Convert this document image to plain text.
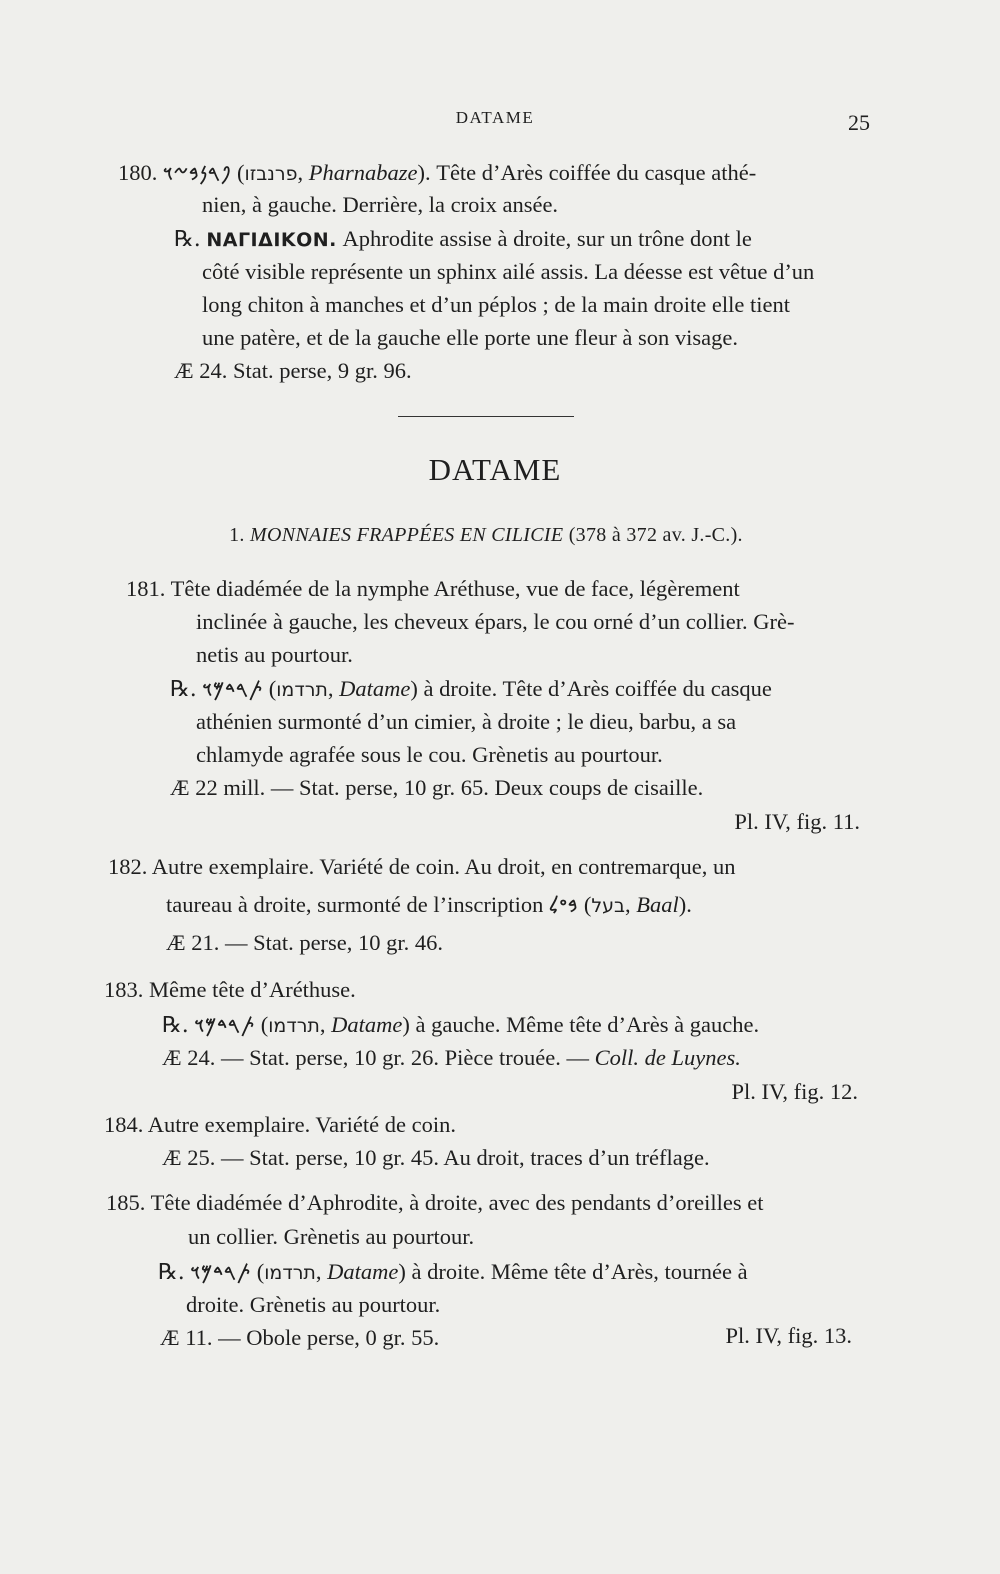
DATAME	25
180. 𐤐𐤓𐤍𐤁𐤆𐤅 (פרנבזו, Pharnabaze). Tête d’Arès coiffée du casque athé-
nien, à gauche. Derrière, la croix ansée.
℞. ΝΑΓΙΔΙΚΟΝ. Aphrodite assise à droite, sur un trône dont le
côté visible représente un sphinx ailé assis. La déesse est vêtue d’un
long chiton à manches et d’un péplos ; de la main droite elle tient
une patère, et de la gauche elle porte une fleur à son visage.
Æ 24. Stat. perse, 9 gr. 96.
DATAME
1. MONNAIES FRAPPÉES EN CILICIE (378 à 372 av. J.-C.).
181. Tête diadémée de la nymphe Aréthuse, vue de face, légèrement
inclinée à gauche, les cheveux épars, le cou orné d’un collier. Grè-
netis au pourtour.
℞. 𐤕𐤓𐤃𐤌𐤅 (תרדמו, Datame) à droite. Tête d’Arès coiffée du casque
athénien surmonté d’un cimier, à droite ; le dieu, barbu, a sa
chlamyde agrafée sous le cou. Grènetis au pourtour.
Æ 22 mill. — Stat. perse, 10 gr. 65. Deux coups de cisaille.
Pl. IV, fig. 11.
182. Autre exemplaire. Variété de coin. Au droit, en contremarque, un
taureau à droite, surmonté de l’inscription 𐤁𐤏𐤋 (בעל, Baal).
Æ 21. — Stat. perse, 10 gr. 46.
183. Même tête d’Aréthuse.
℞. 𐤕𐤓𐤃𐤌𐤅 (תרדמו, Datame) à gauche. Même tête d’Arès à gauche.
Æ 24. — Stat. perse, 10 gr. 26. Pièce trouée. — Coll. de Luynes.
Pl. IV, fig. 12.
184. Autre exemplaire. Variété de coin.
Æ 25. — Stat. perse, 10 gr. 45. Au droit, traces d’un tréflage.
185. Tête diadémée d’Aphrodite, à droite, avec des pendants d’oreilles et
un collier. Grènetis au pourtour.
℞. 𐤕𐤓𐤃𐤌𐤅 (תרדמו, Datame) à droite. Même tête d’Arès, tournée à
droite. Grènetis au pourtour.
Æ 11. — Obole perse, 0 gr. 55.	Pl. IV, fig. 13.
